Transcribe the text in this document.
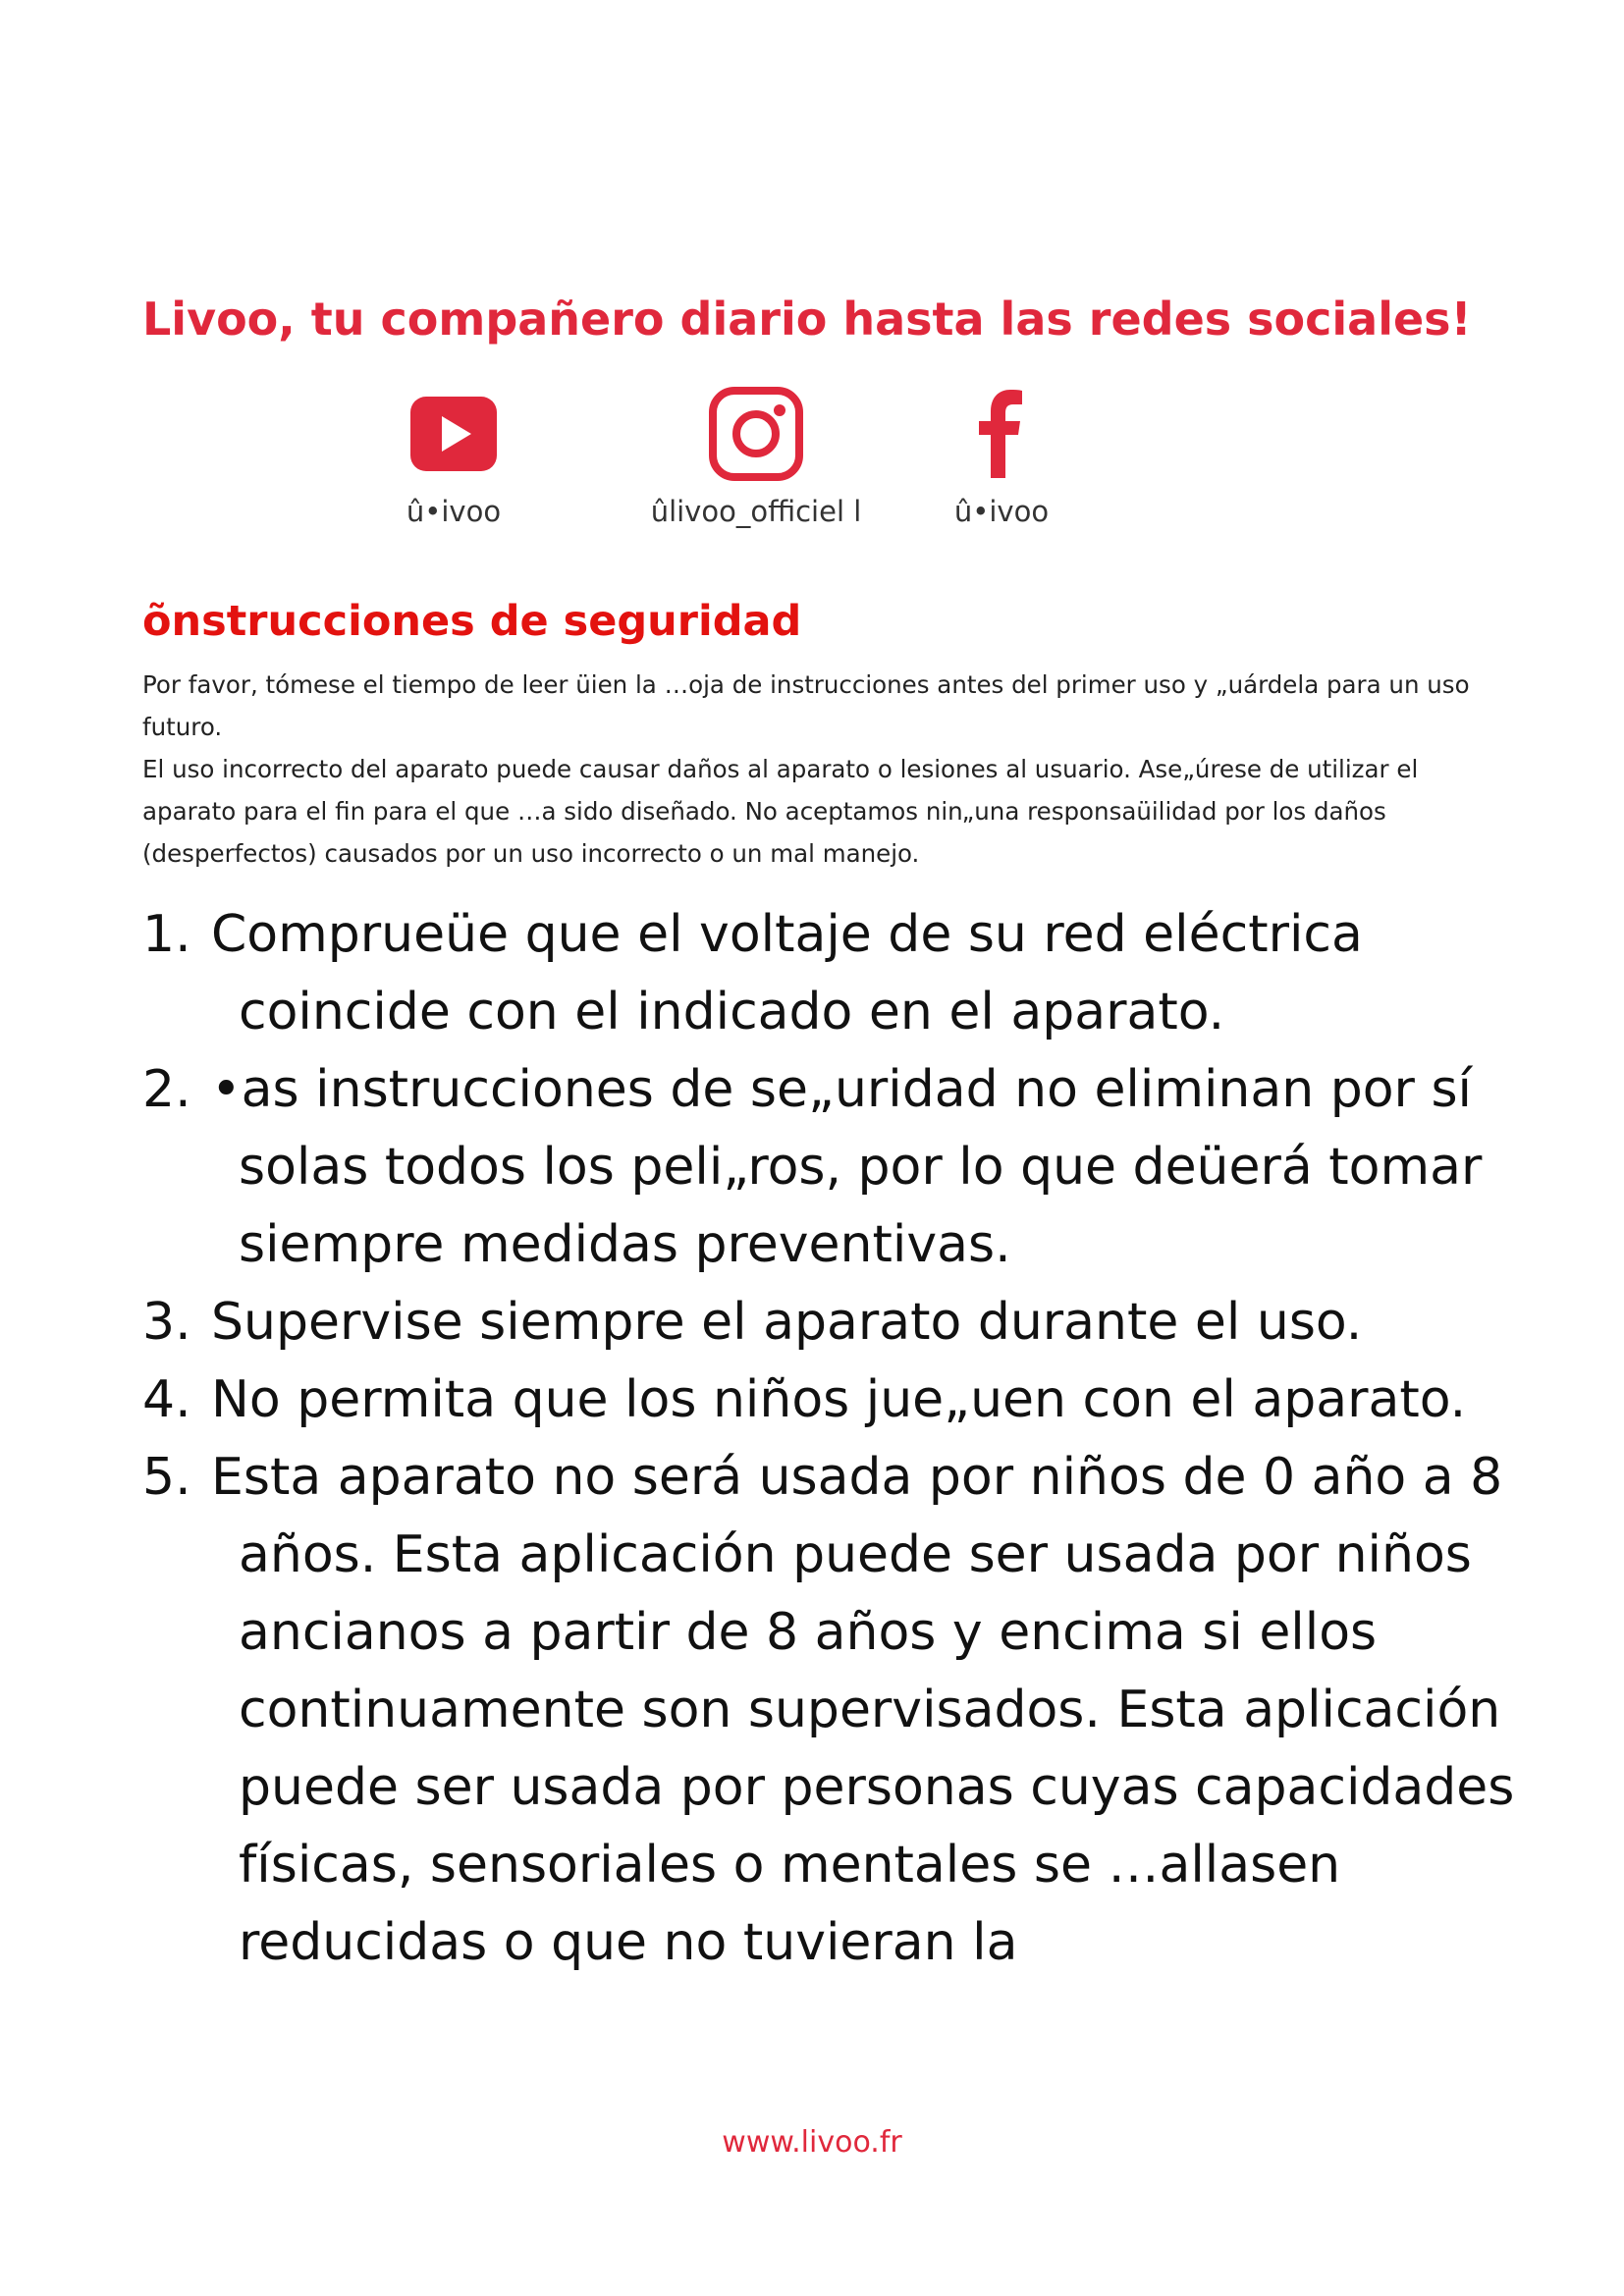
Livoo, tu compañero diario hasta las redes sociales!
û•ivoo	ûlivoo_officiel l	û•ivoo
õnstrucciones de seguridad

Por favor, tómese el tiempo de leer üien la …oja de instrucciones antes del primer uso y „uárdela para un uso futuro.

El uso incorrecto del aparato puede causar daños al aparato o lesiones al usuario. Ase„úrese de utilizar el aparato para el fin para el que …a sido diseñado. No aceptamos nin„una responsaüilidad por los daños (desperfectos) causados por un uso incorrecto o un mal manejo.

1. Comprueüe que el voltaje de su red eléctrica coincide con el indicado en el aparato.
2. •as instrucciones de se„uridad no eliminan por sí solas todos los peli„ros, por lo que deüerá tomar siempre medidas preventivas.
3. Supervise siempre el aparato durante el uso.
4. No permita que los niños jue„uen con el aparato.
5. Esta aparato no será usada por niños de 0 año a 8 años. Esta aplicación puede ser usada por niños ancianos a partir de 8 años y encima si ellos continuamente son supervisados. Esta aplicación puede ser usada por personas cuyas capacidades físicas, sensoriales o mentales se …allasen reducidas o que no tuvieran la
www.livoo.fr
